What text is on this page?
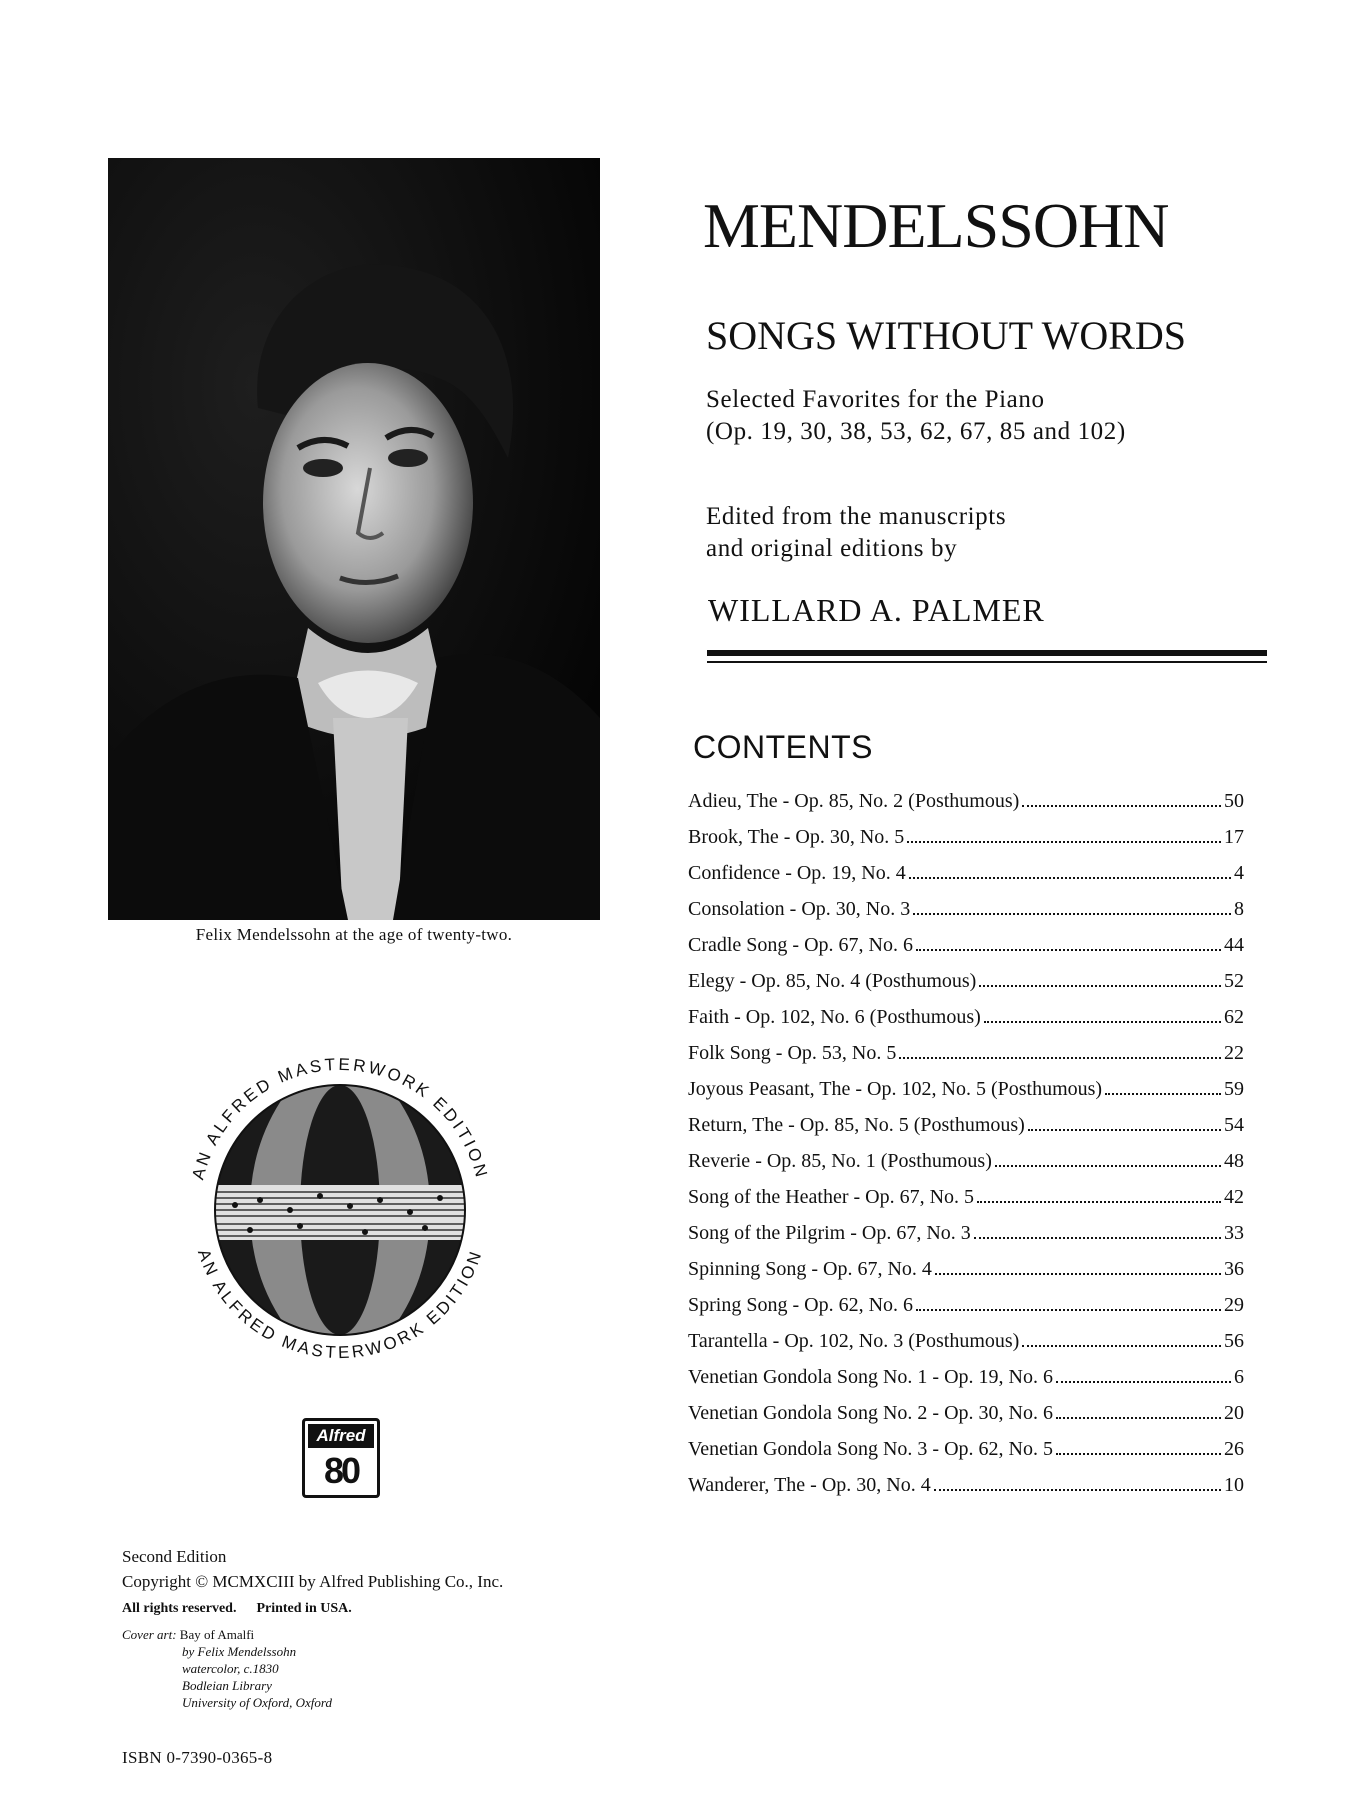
Felix Mendelssohn at the age of twenty-two.
AN ALFRED MASTERWORK EDITION
AN ALFRED MASTERWORK EDITION
Alfred
80
MENDELSSOHN
SONGS WITHOUT WORDS
Selected Favorites for the Piano
(Op. 19, 30, 38, 53, 62, 67, 85 and 102)
Edited from the manuscripts
and original editions by
WILLARD A. PALMER
CONTENTS
Adieu, The - Op. 85, No. 2 (Posthumous)	50
Brook, The - Op. 30, No. 5	17
Confidence - Op. 19, No. 4	4
Consolation - Op. 30, No. 3	8
Cradle Song - Op. 67, No. 6	44
Elegy - Op. 85, No. 4 (Posthumous)	52
Faith - Op. 102, No. 6 (Posthumous)	62
Folk Song - Op. 53, No. 5	22
Joyous Peasant, The - Op. 102, No. 5 (Posthumous)	59
Return, The - Op. 85, No. 5 (Posthumous)	54
Reverie - Op. 85, No. 1 (Posthumous)	48
Song of the Heather - Op. 67, No. 5	42
Song of the Pilgrim - Op. 67, No. 3	33
Spinning Song - Op. 67, No. 4	36
Spring Song - Op. 62, No. 6	29
Tarantella - Op. 102, No. 3 (Posthumous)	56
Venetian Gondola Song No. 1 - Op. 19, No. 6	6
Venetian Gondola Song No. 2 - Op. 30, No. 6	20
Venetian Gondola Song No. 3 - Op. 62, No. 5	26
Wanderer, The - Op. 30, No. 4	10
Second Edition
Copyright © MCMXCIII by Alfred Publishing Co., Inc.
All rights reserved. Printed in USA.
Cover art: Bay of Amalfi
by Felix Mendelssohn
watercolor, c.1830
Bodleian Library
University of Oxford, Oxford
ISBN 0-7390-0365-8
